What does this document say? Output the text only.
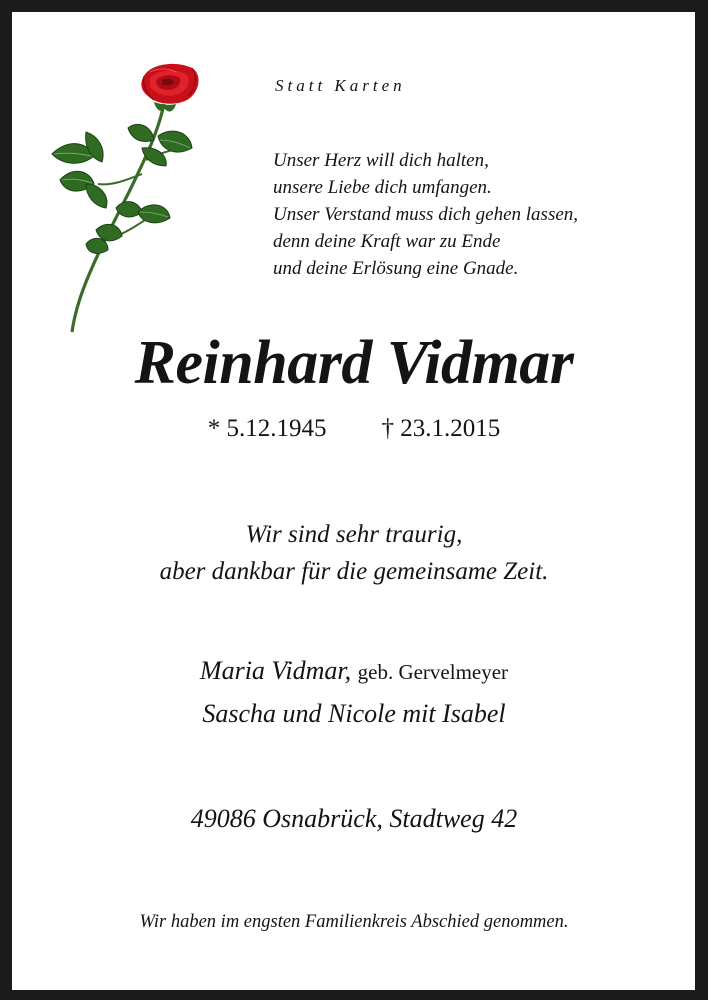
Statt Karten
Unser Herz will dich halten,
unsere Liebe dich umfangen.
Unser Verstand muss dich gehen lassen,
denn deine Kraft war zu Ende
und deine Erlösung eine Gnade.
Reinhard Vidmar
* 5.12.1945 † 23.1.2015
Wir sind sehr traurig,
aber dankbar für die gemeinsame Zeit.
Maria Vidmar, geb. Gervelmeyer
Sascha und Nicole mit Isabel
49086 Osnabrück, Stadtweg 42
Wir haben im engsten Familienkreis Abschied genommen.
